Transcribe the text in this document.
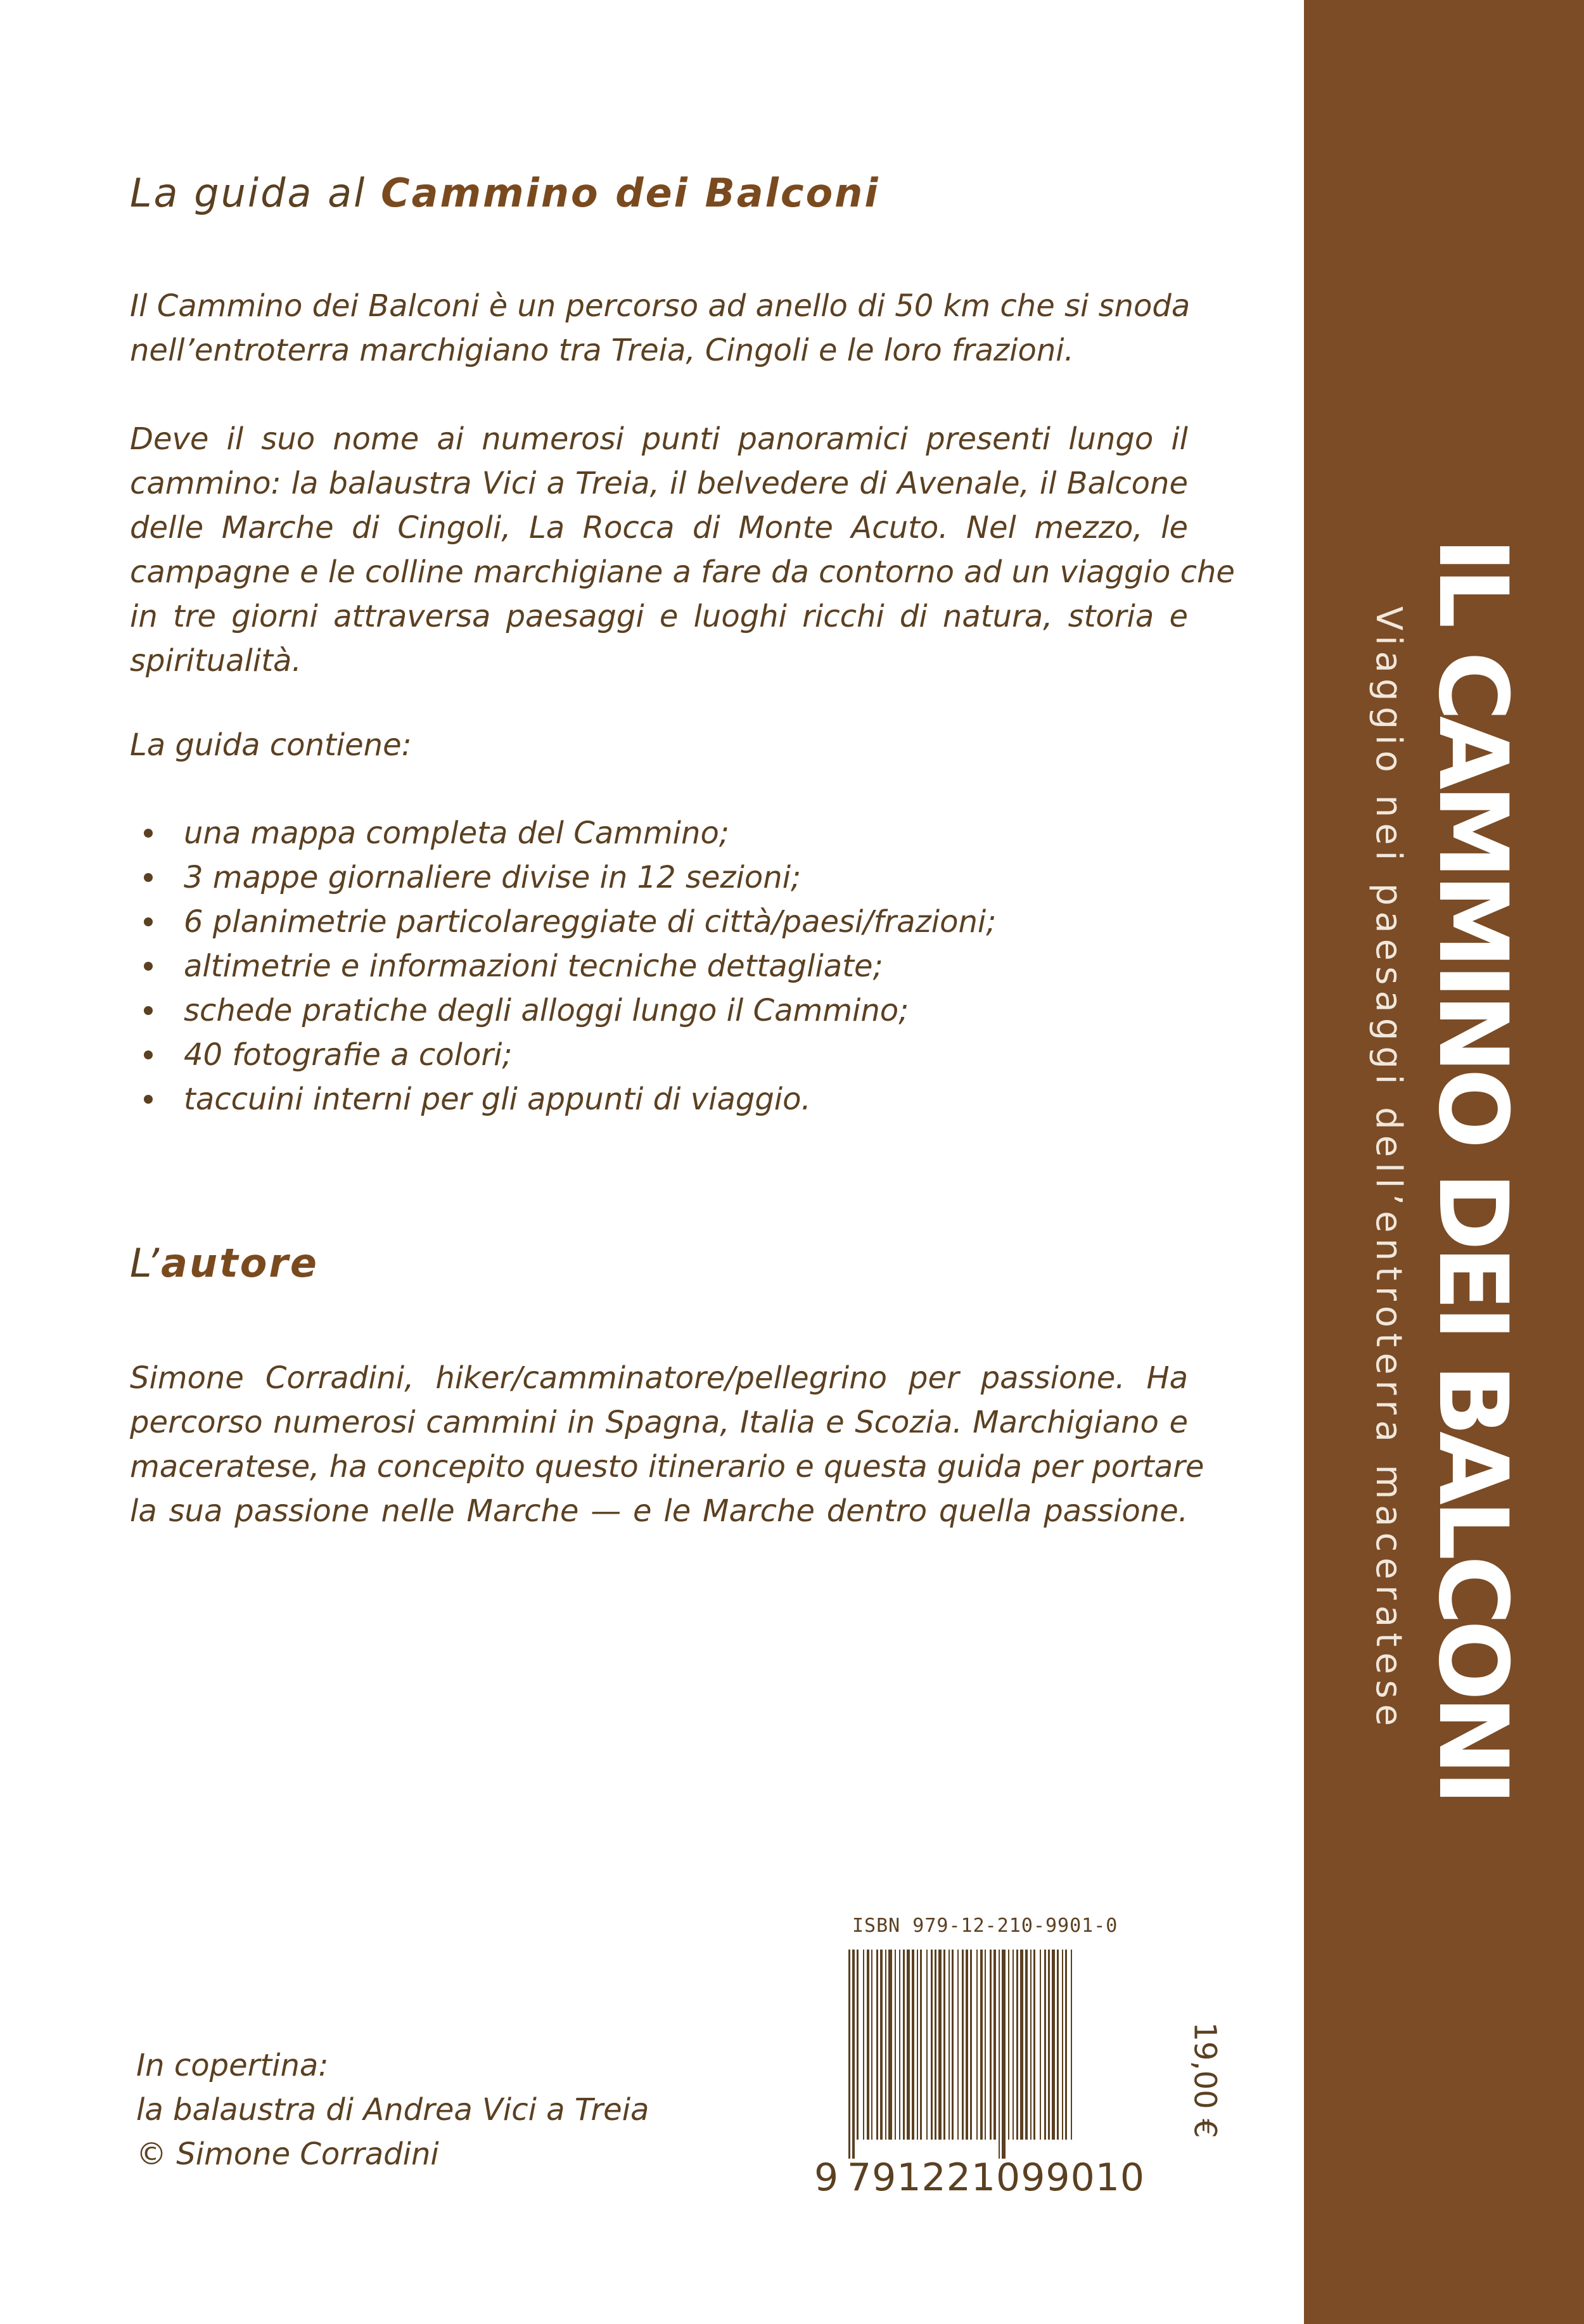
La guida al Cammino dei Balconi
Il Cammino dei Balconi è un percorso ad anello di 50 km che si snoda
nell’entroterra marchigiano tra Treia, Cingoli e le loro frazioni.
Deve il suo nome ai numerosi punti panoramici presenti lungo il
cammino: la balaustra Vici a Treia, il belvedere di Avenale, il Balcone
delle Marche di Cingoli, La Rocca di Monte Acuto. Nel mezzo, le
campagne e le colline marchigiane a fare da contorno ad un viaggio che
in tre giorni attraversa paesaggi e luoghi ricchi di natura, storia e
spiritualità.
La guida contiene:
una mappa completa del Cammino;
3 mappe giornaliere divise in 12 sezioni;
6 planimetrie particolareggiate di città/paesi/frazioni;
altimetrie e informazioni tecniche dettagliate;
schede pratiche degli alloggi lungo il Cammino;
40 fotografie a colori;
taccuini interni per gli appunti di viaggio.
L’autore
Simone Corradini, hiker/camminatore/pellegrino per passione. Ha
percorso numerosi cammini in Spagna, Italia e Scozia. Marchigiano e
maceratese, ha concepito questo itinerario e questa guida per portare
la sua passione nelle Marche — e le Marche dentro quella passione.
In copertina:
la balaustra di Andrea Vici a Treia
© Simone Corradini
ISBN 979-12-210-9901-0
19,00 €
9 791221099010
IL CAMMINO DEI BALCONI
Viaggio nei paesaggi dell’entroterra maceratese
